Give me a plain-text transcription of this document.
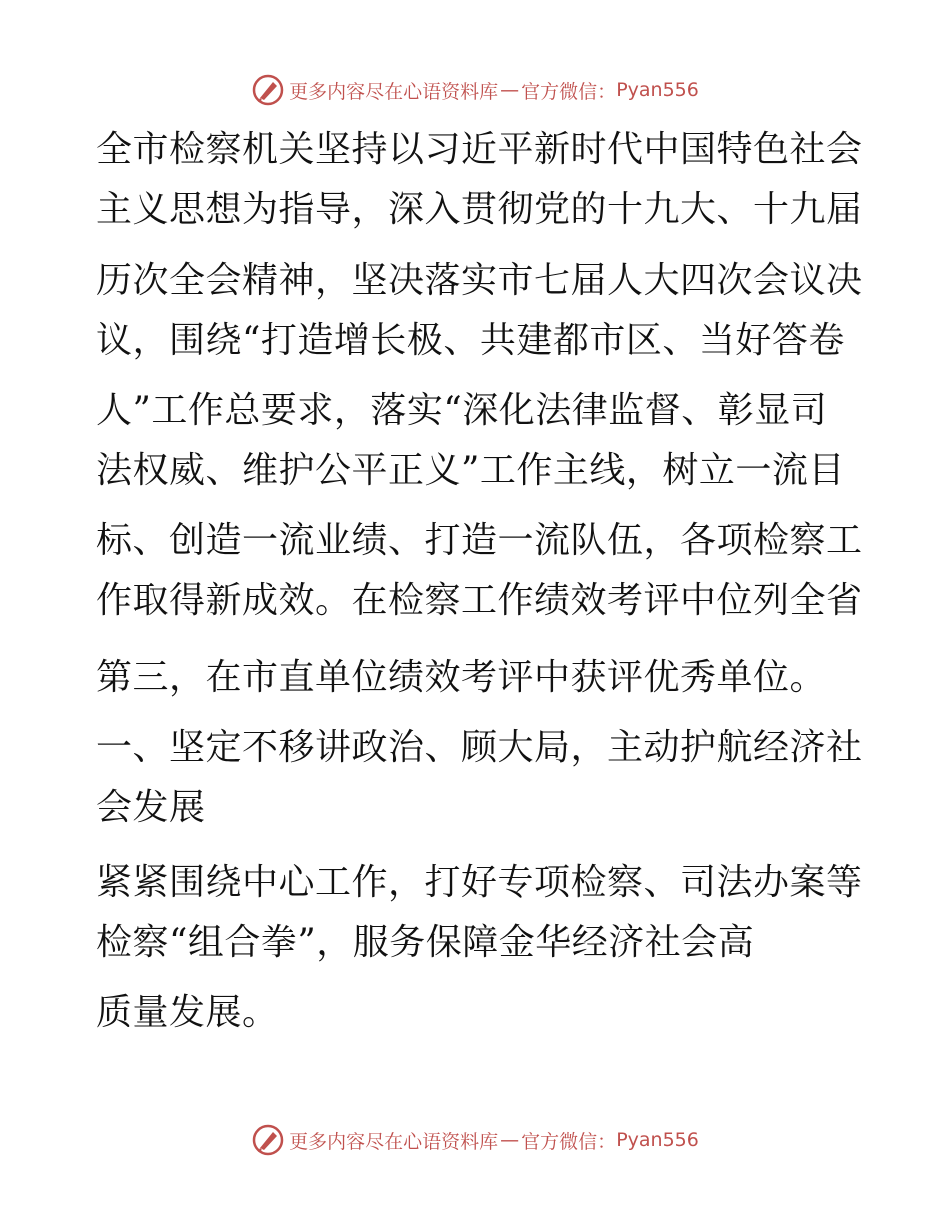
更多内容尽在心语资料库 — 官方微信： Pyan556
全市检察机关坚持以习近平新时代中国特色社会
主义思想为指导，深入贯彻党的十九大、十九届
历次全会精神，坚决落实市七届人大四次会议决
议，围绕“打造增长极、共建都市区、当好答卷
人”工作总要求，落实“深化法律监督、彰显司
法权威、维护公平正义”工作主线，树立一流目
标、创造一流业绩、打造一流队伍，各项检察工
作取得新成效。在检察工作绩效考评中位列全省
第三，在市直单位绩效考评中获评优秀单位。
一、坚定不移讲政治、顾大局，主动护航经济社
会发展
紧紧围绕中心工作，打好专项检察、司法办案等
检察“组合拳”，服务保障金华经济社会高
质量发展。
更多内容尽在心语资料库 — 官方微信： Pyan556
